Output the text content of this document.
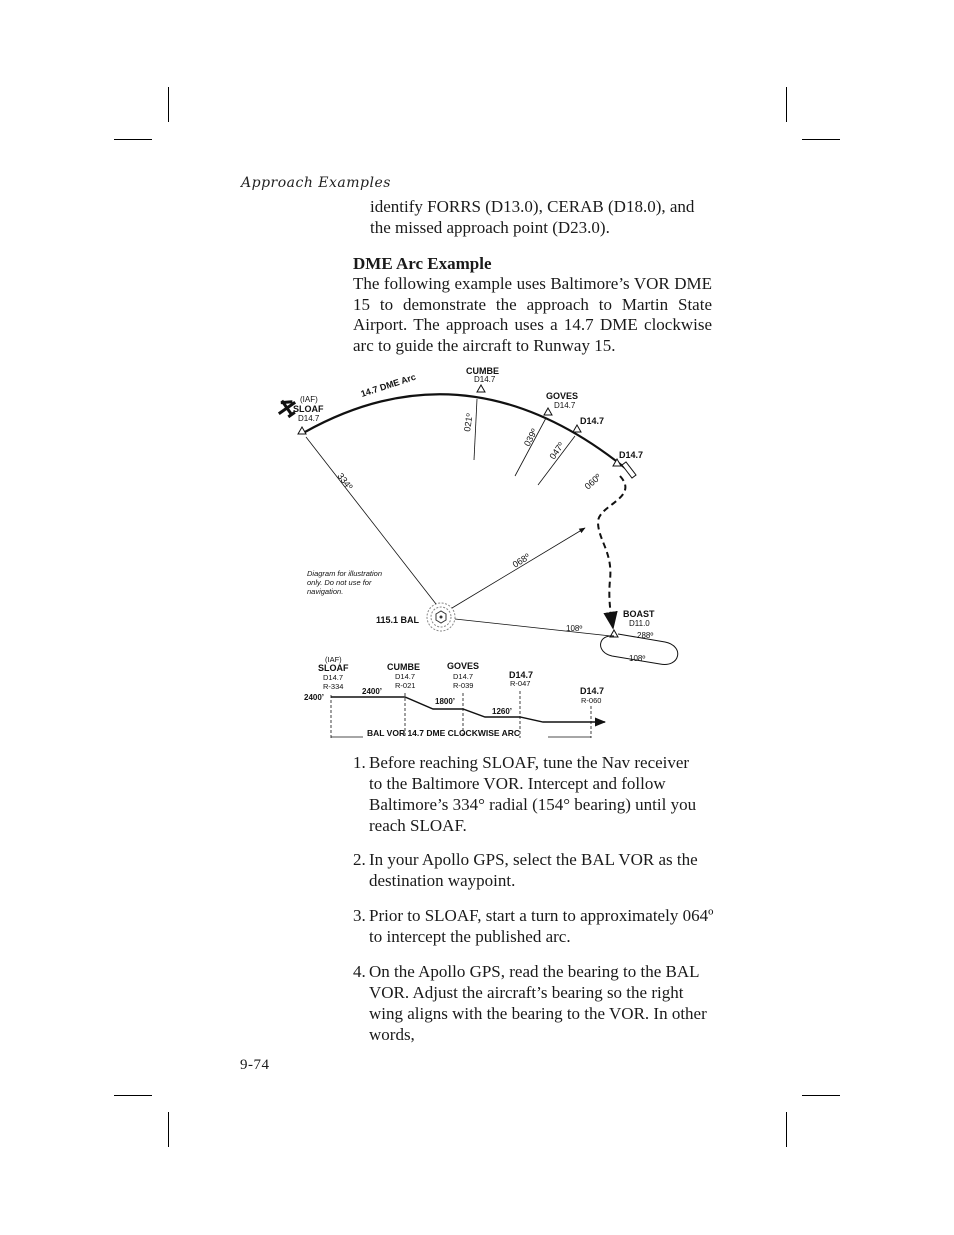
Approach Examples
identify FORRS (D13.0), CERAB (D18.0), and the missed approach point (D23.0).
DME Arc Example
The following example uses Baltimore’s VOR DME 15 to demonstrate the approach to Martin State Airport. The approach uses a 14.7 DME clockwise arc to guide the aircraft to Runway 15.
14.7 DME Arc
(IAF)
SLOAF
D14.7
CUMBE
D14.7
GOVES
D14.7
D14.7
D14.7
BOAST
D11.0
115.1 BAL
Diagram for illustration only. Do not use for navigation.
334º
068º
108º
021º
039º
047º
060º
288º
108º
(IAF)
SLOAF
D14.7
R-334
CUMBE
D14.7
R-021
GOVES
D14.7
R-039
D14.7
R-047
D14.7
R-060
2400’
2400’
1800’
1260’
BAL VOR 14.7 DME CLOCKWISE ARC
1. Before reaching SLOAF, tune the Nav receiver to the Baltimore VOR. Intercept and follow Baltimore’s 334° radial (154° bearing) until you reach SLOAF.
2. In your Apollo GPS, select the BAL VOR as the destination waypoint.
3. Prior to SLOAF, start a turn to approximately 064º to intercept the published arc.
4. On the Apollo GPS, read the bearing to the BAL VOR. Adjust the aircraft’s bearing so the right wing aligns with the bearing to the VOR. In other words,
9-74
